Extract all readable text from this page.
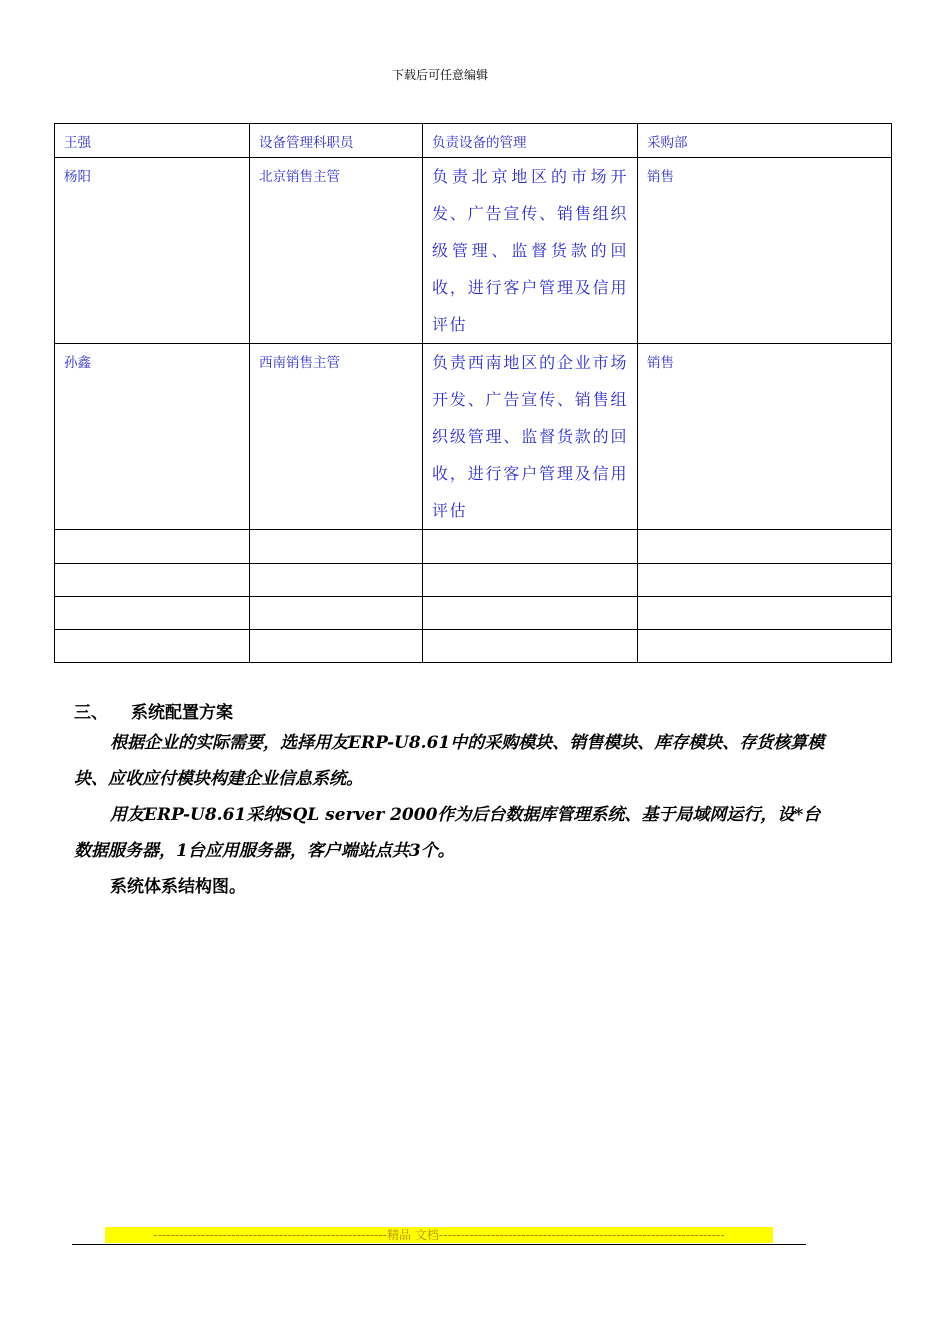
下载后可任意编辑
王强	设备管理科职员	负责设备的管理	采购部
杨阳	北京销售主管	负责北京地区的市场开发、广告宣传、销售组织级管理、监督货款的回收，进行客户管理及信用评估	销售
孙鑫	西南销售主管	负责西南地区的企业市场开发、广告宣传、销售组织级管理、监督货款的回收，进行客户管理及信用评估	销售

三、 系统配置方案
根据企业的实际需要，选择用友ERP-U8.61中的采购模块、销售模块、库存模块、存货核算模块、应收应付模块构建企业信息系统。
用友ERP-U8.61采纳SQL server 2000作为后台数据库管理系统、基于局域网运行，设*台数据服务器，1台应用服务器，客户端站点共3个。
系统体系结构图。
------------------------------------------------------精品 文档------------------------------------------------------------------
